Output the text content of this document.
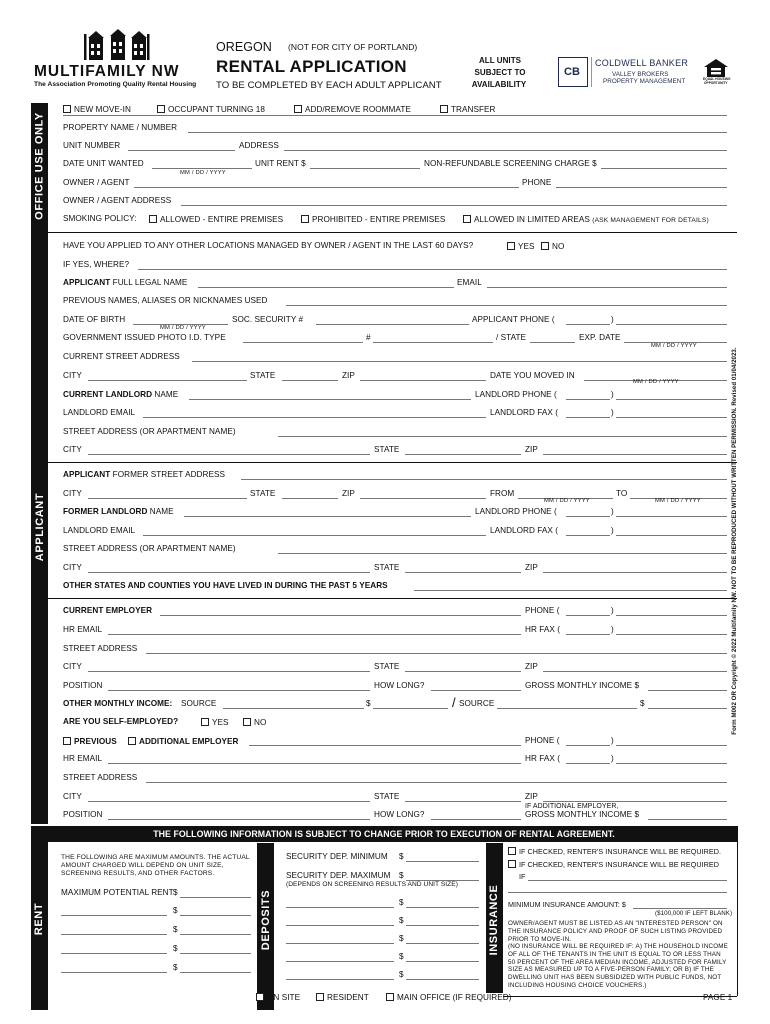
MULTIFAMILY NW
The Association Promoting Quality Rental Housing
OREGON (NOT FOR CITY OF PORTLAND)
RENTAL APPLICATION
TO BE COMPLETED BY EACH ADULT APPLICANT
ALL UNITS
SUBJECT TO
AVAILABILITY
CB
COLDWELL BANKER
VALLEY BROKERS
PROPERTY MANAGEMENT	EQUAL HOUSING
OPPORTUNITY
OFFICE USE ONLY
APPLICANT
RENT	DEPOSITS	INSURANCE
Form M002 OR Copyright © 2022 Multifamily NW. NOT TO BE REPRODUCED WITHOUT WRITTEN PERMISSION. Revised 01/04/2023.
NEW MOVE-IN	OCCUPANT TURNING 18	ADD/REMOVE ROOMMATE	TRANSFER
PROPERTY NAME / NUMBER
UNIT NUMBER	ADDRESS
DATE UNIT WANTED
MM / DD / YYYY
UNIT RENT $	NON-REFUNDABLE SCREENING CHARGE $
OWNER / AGENT	PHONE
OWNER / AGENT ADDRESS
SMOKING POLICY:	ALLOWED - ENTIRE PREMISES	PROHIBITED - ENTIRE PREMISES	ALLOWED IN LIMITED AREAS (ASK MANAGEMENT FOR DETAILS)
HAVE YOU APPLIED TO ANY OTHER LOCATIONS MANAGED BY OWNER / AGENT IN THE LAST 60 DAYS?	YES	NO
IF YES, WHERE?
APPLICANT FULL LEGAL NAME	EMAIL
PREVIOUS NAMES, ALIASES OR NICKNAMES USED
DATE OF BIRTH
MM / DD / YYYY
SOC. SECURITY #	APPLICANT PHONE (	)
GOVERNMENT ISSUED PHOTO I.D. TYPE	#	/ STATE	EXP. DATE
MM / DD / YYYY
CURRENT STREET ADDRESS
CITY	STATE	ZIP	DATE YOU MOVED IN
MM / DD / YYYY
CURRENT LANDLORD NAME	LANDLORD PHONE (	)
LANDLORD EMAIL	LANDLORD FAX (	)
STREET ADDRESS (OR APARTMENT NAME)
CITY	STATE	ZIP
APPLICANT FORMER STREET ADDRESS
CITY	STATE	ZIP	FROM
MM / DD / YYYY
TO
MM / DD / YYYY
FORMER LANDLORD NAME	LANDLORD PHONE (	)
LANDLORD EMAIL	LANDLORD FAX (	)
STREET ADDRESS (OR APARTMENT NAME)
CITY	STATE	ZIP
OTHER STATES AND COUNTIES YOU HAVE LIVED IN DURING THE PAST 5 YEARS
CURRENT EMPLOYER	PHONE (	)
HR EMAIL	HR FAX (	)
STREET ADDRESS
CITY	STATE	ZIP
POSITION	HOW LONG?	GROSS MONTHLY INCOME $
OTHER MONTHLY INCOME: SOURCE	$	/ SOURCE	$
ARE YOU SELF-EMPLOYED?	YES	NO
PREVIOUS	ADDITIONAL EMPLOYER	PHONE (	)
HR EMAIL	HR FAX (	)
STREET ADDRESS
CITY	STATE	ZIP
POSITION	HOW LONG?
IF ADDITIONAL EMPLOYER,
GROSS MONTHLY INCOME $
THE FOLLOWING INFORMATION IS SUBJECT TO CHANGE PRIOR TO EXECUTION OF RENTAL AGREEMENT.
THE FOLLOWING ARE MAXIMUM AMOUNTS. THE ACTUAL AMOUNT CHARGED WILL DEPEND ON UNIT SIZE, SCREENING RESULTS, AND OTHER FACTORS.
MAXIMUM POTENTIAL RENT $
$
$
$
$
SECURITY DEP. MINIMUM $
SECURITY DEP. MAXIMUM $
(DEPENDS ON SCREENING RESULTS AND UNIT SIZE)
$
$
$
$
$
IF CHECKED, RENTER'S INSURANCE WILL BE REQUIRED.
IF CHECKED, RENTER'S INSURANCE WILL BE REQUIRED
IF
MINIMUM INSURANCE AMOUNT: $
($100,000 IF LEFT BLANK)
OWNER/AGENT MUST BE LISTED AS AN "INTERESTED PERSON" ON THE INSURANCE POLICY AND PROOF OF SUCH LISTING PROVIDED PRIOR TO MOVE-IN.
(NO INSURANCE WILL BE REQUIRED IF: A) THE HOUSEHOLD INCOME OF ALL OF THE TENANTS IN THE UNIT IS EQUAL TO OR LESS THAN 50 PERCENT OF THE AREA MEDIAN INCOME, ADJUSTED FOR FAMILY SIZE AS MEASURED UP TO A FIVE-PERSON FAMILY; OR B) IF THE DWELLING UNIT HAS BEEN SUBSIDIZED WITH PUBLIC FUNDS, NOT INCLUDING HOUSING CHOICE VOUCHERS.)
ON SITE	RESIDENT	MAIN OFFICE (IF REQUIRED)	PAGE 1
